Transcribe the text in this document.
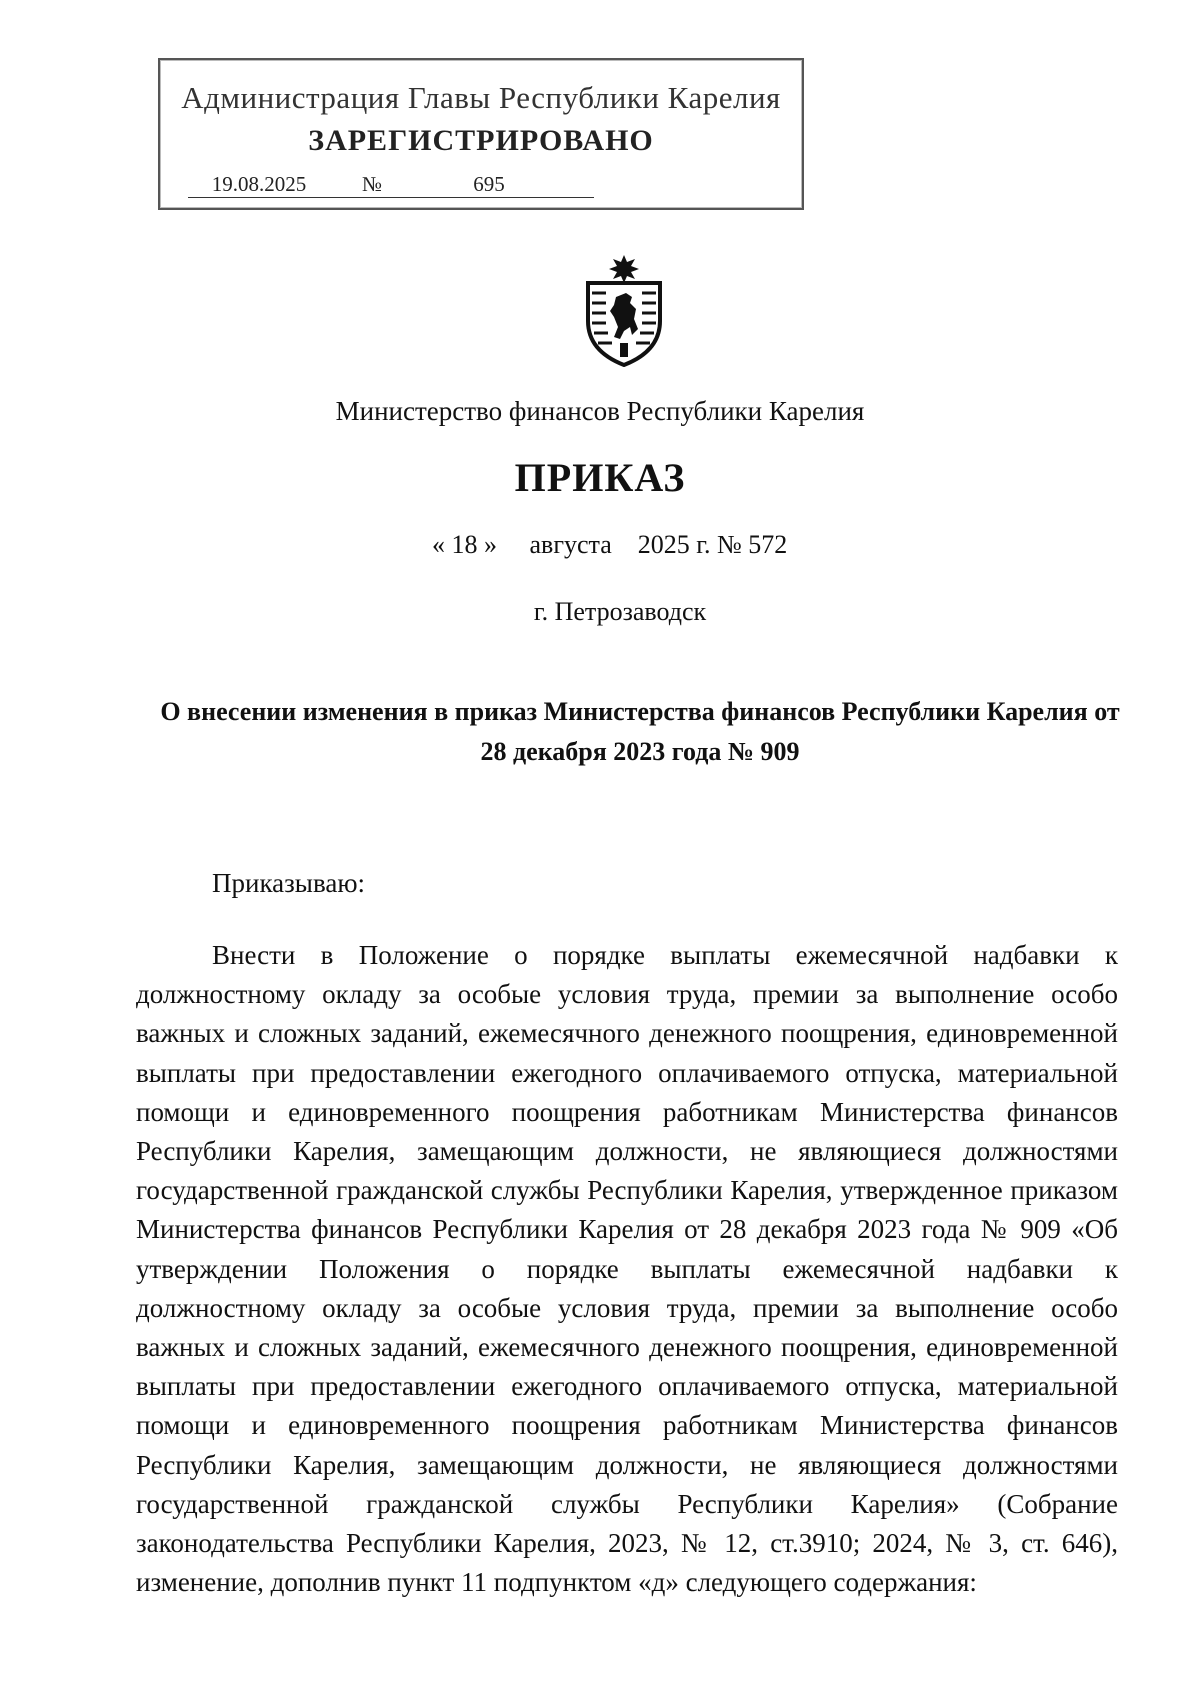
Администрация Главы Республики Карелия
ЗАРЕГИСТРИРОВАНО
19.08.2025	№	695
Министерство финансов Республики Карелия
ПРИКАЗ
« 18 »     августа    2025 г. № 572
г. Петрозаводск
О внесении изменения в приказ Министерства финансов Республики Карелия от 28 декабря 2023 года № 909
Приказываю:
Внести в Положение о порядке выплаты ежемесячной надбавки к должностному окладу за особые условия труда, премии за выполнение особо важных и сложных заданий, ежемесячного денежного поощрения, единовременной выплаты при предоставлении ежегодного оплачиваемого отпуска, материальной помощи и единовременного поощрения работникам Министерства финансов Республики Карелия, замещающим должности, не являющиеся должностями государственной гражданской службы Республики Карелия, утвержденное приказом Министерства финансов Республики Карелия от 28 декабря 2023 года № 909 «Об утверждении Положения о порядке выплаты ежемесячной надбавки к должностному окладу за особые условия труда, премии за выполнение особо важных и сложных заданий, ежемесячного денежного поощрения, единовременной выплаты при предоставлении ежегодного оплачиваемого отпуска, материальной помощи и единовременного поощрения работникам Министерства финансов Республики Карелия, замещающим должности, не являющиеся должностями государственной гражданской службы Республики Карелия» (Собрание законодательства Республики Карелия, 2023, № 12, ст.3910; 2024, № 3, ст. 646), изменение, дополнив пункт 11 подпунктом «д» следующего содержания:
